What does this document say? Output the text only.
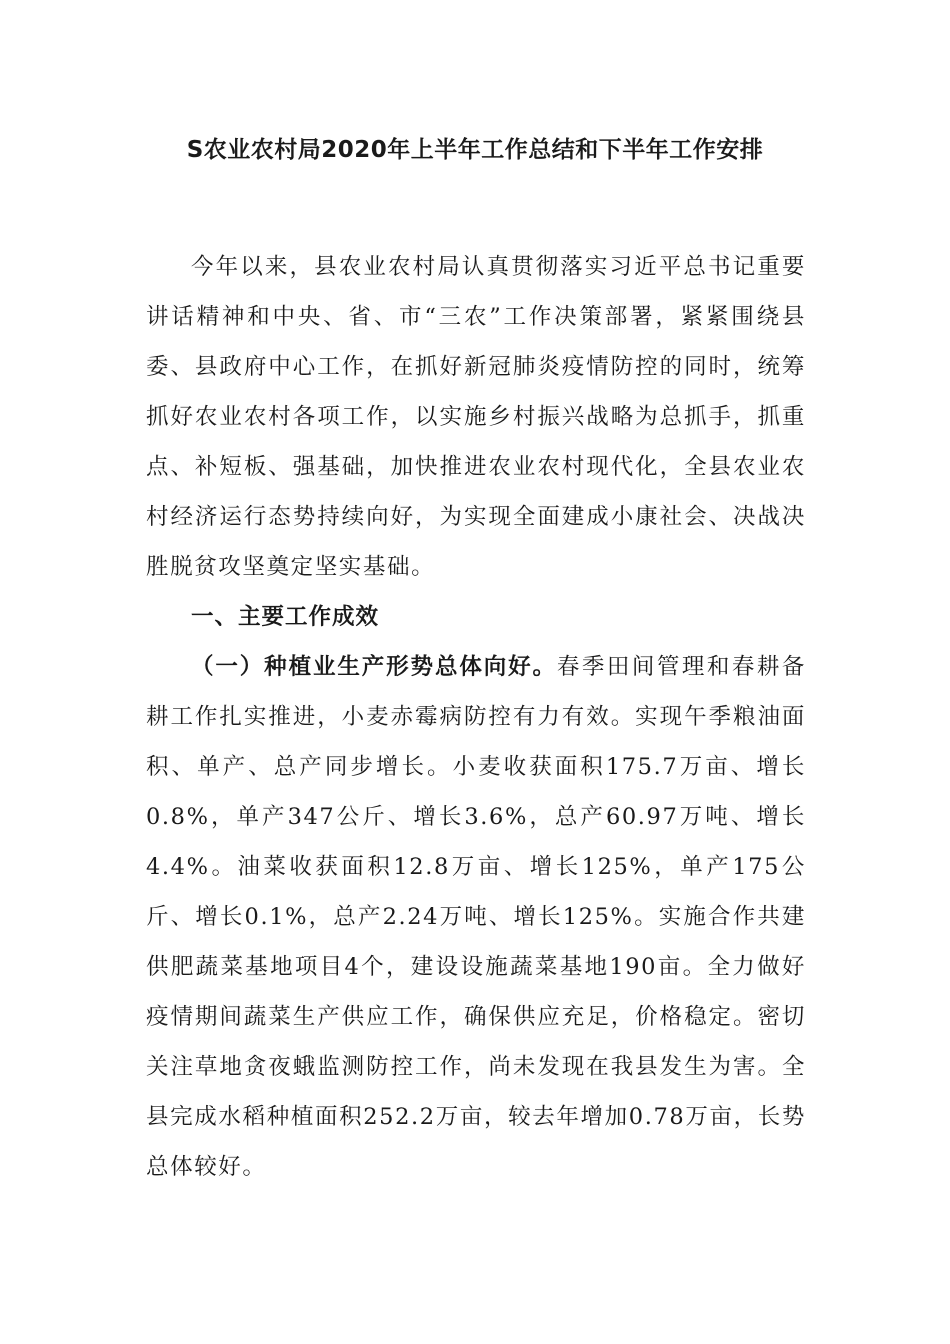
S农业农村局2020年上半年工作总结和下半年工作安排

今年以来，县农业农村局认真贯彻落实习近平总书记重要讲话精神和中央、省、市“三农”工作决策部署，紧紧围绕县委、县政府中心工作，在抓好新冠肺炎疫情防控的同时，统筹抓好农业农村各项工作，以实施乡村振兴战略为总抓手，抓重点、补短板、强基础，加快推进农业农村现代化，全县农业农村经济运行态势持续向好，为实现全面建成小康社会、决战决胜脱贫攻坚奠定坚实基础。

一、主要工作成效

（一）种植业生产形势总体向好。春季田间管理和春耕备耕工作扎实推进，小麦赤霉病防控有力有效。实现午季粮油面积、单产、总产同步增长。小麦收获面积175.7万亩、增长0.8%，单产347公斤、增长3.6%，总产60.97万吨、增长4.4%。油菜收获面积12.8万亩、增长125%，单产175公斤、增长0.1%，总产2.24万吨、增长125%。实施合作共建供肥蔬菜基地项目4个，建设设施蔬菜基地190亩。全力做好疫情期间蔬菜生产供应工作，确保供应充足，价格稳定。密切关注草地贪夜蛾监测防控工作，尚未发现在我县发生为害。全县完成水稻种植面积252.2万亩，较去年增加0.78万亩，长势总体较好。
